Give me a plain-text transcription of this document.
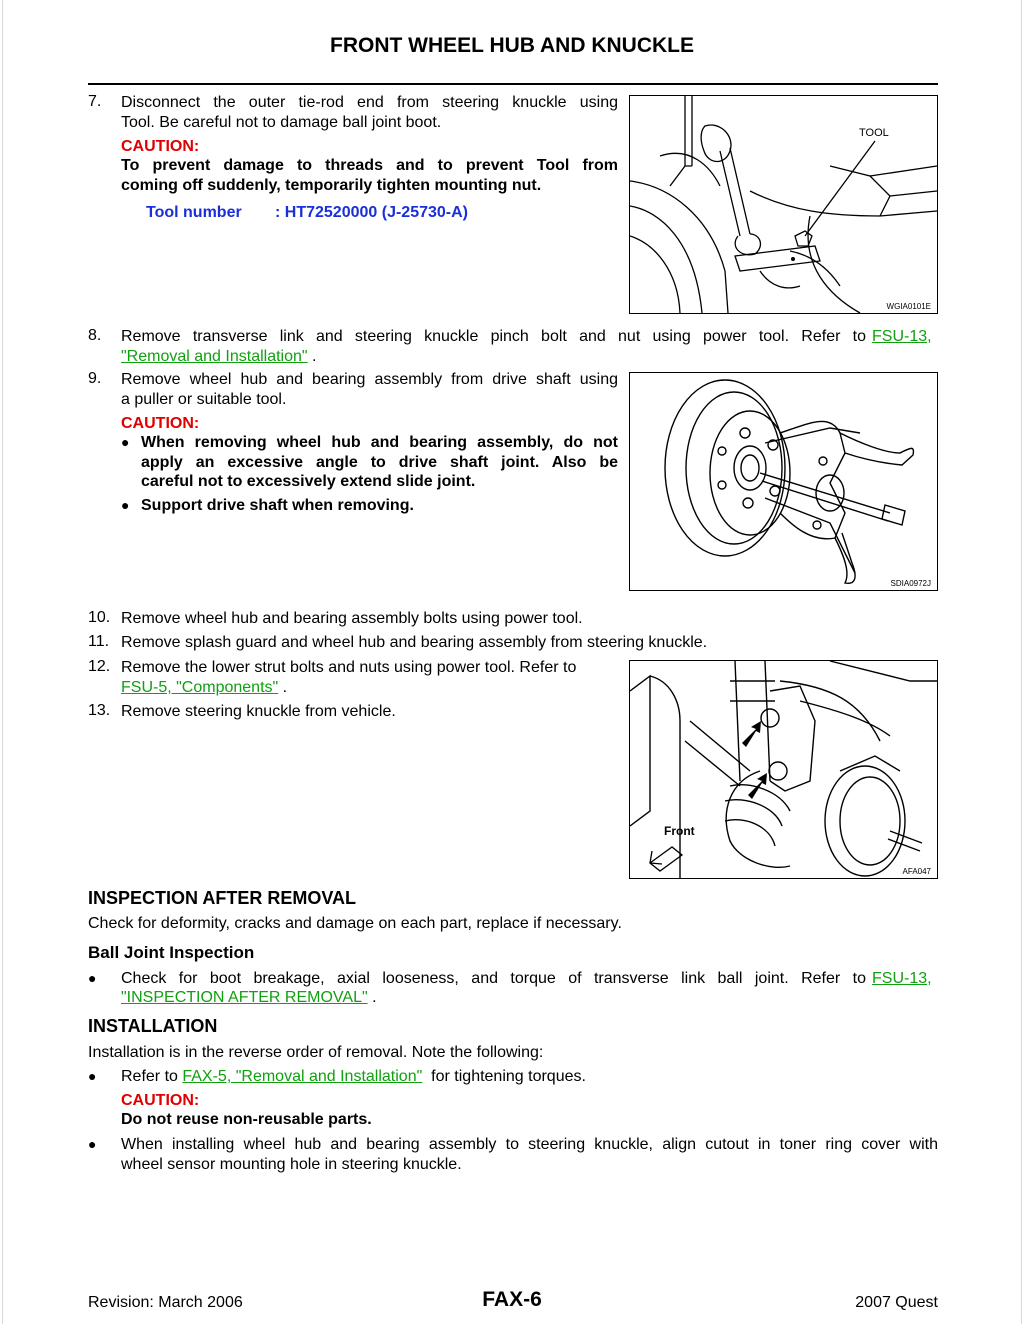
FRONT WHEEL HUB AND KNUCKLE
7. Disconnect the outer tie-rod end from steering knuckle using
Tool. Be careful not to damage ball joint boot.
CAUTION:
To prevent damage to threads and to prevent Tool from
coming off suddenly, temporarily tighten mounting nut.
Tool number : HT72520000 (J-25730-A)
TOOL
WGIA0101E
8. Remove transverse link and steering knuckle pinch bolt and nut using power tool. Refer to FSU-13,
"Removal and Installation" .
9. Remove wheel hub and bearing assembly from drive shaft using
a puller or suitable tool.
CAUTION:
● When removing wheel hub and bearing assembly, do not
apply an excessive angle to drive shaft joint. Also be
careful not to excessively extend slide joint.
● Support drive shaft when removing.
SDIA0972J
10. Remove wheel hub and bearing assembly bolts using power tool.
11. Remove splash guard and wheel hub and bearing assembly from steering knuckle.
12. Remove the lower strut bolts and nuts using power tool. Refer to
FSU-5, "Components" .
13. Remove steering knuckle from vehicle.
Front
AFA047
INSPECTION AFTER REMOVAL
Check for deformity, cracks and damage on each part, replace if necessary.
Ball Joint Inspection
● Check for boot breakage, axial looseness, and torque of transverse link ball joint. Refer to FSU-13,
"INSPECTION AFTER REMOVAL" .
INSTALLATION
Installation is in the reverse order of removal. Note the following:
● Refer to FAX-5, "Removal and Installation"  for tightening torques.
CAUTION:
Do not reuse non-reusable parts.
● When installing wheel hub and bearing assembly to steering knuckle, align cutout in toner ring cover with
wheel sensor mounting hole in steering knuckle.
Revision: March 2006	FAX-6	2007 Quest
